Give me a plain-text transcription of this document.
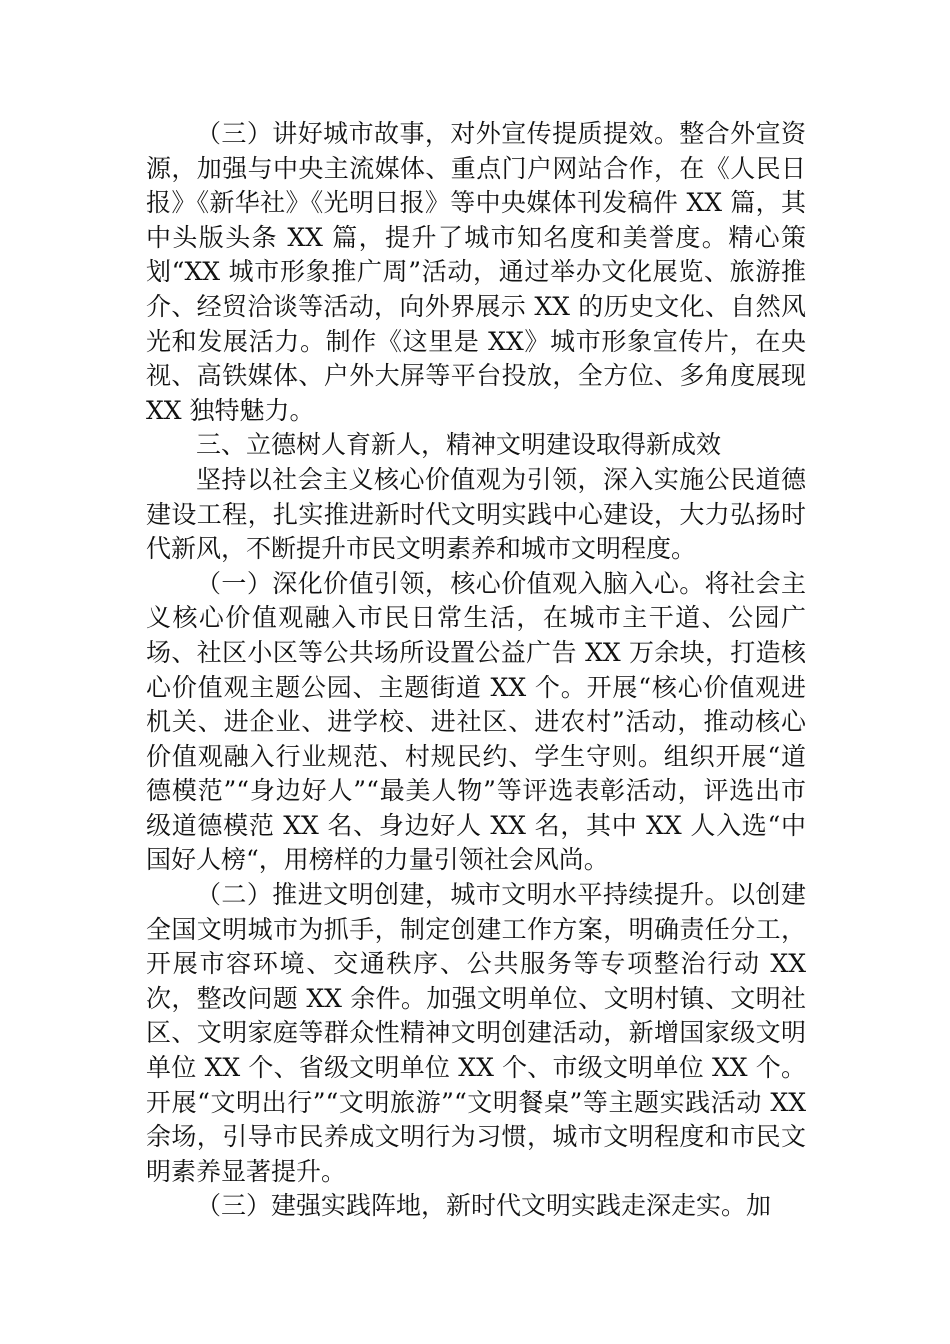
（三）讲好城市故事，对外宣传提质提效。整合外宣资源，加强与中央主流媒体、重点门户网站合作，在《人民日报》《新华社》《光明日报》等中央媒体刊发稿件 XX 篇，其中头版头条 XX 篇，提升了城市知名度和美誉度。精心策划“XX 城市形象推广周”活动，通过举办文化展览、旅游推介、经贸洽谈等活动，向外界展示 XX 的历史文化、自然风光和发展活力。制作《这里是 XX》城市形象宣传片，在央视、高铁媒体、户外大屏等平台投放，全方位、多角度展现 XX 独特魅力。

三、立德树人育新人，精神文明建设取得新成效

坚持以社会主义核心价值观为引领，深入实施公民道德建设工程，扎实推进新时代文明实践中心建设，大力弘扬时代新风，不断提升市民文明素养和城市文明程度。

（一）深化价值引领，核心价值观入脑入心。将社会主义核心价值观融入市民日常生活，在城市主干道、公园广场、社区小区等公共场所设置公益广告 XX 万余块，打造核心价值观主题公园、主题街道 XX 个。开展“核心价值观进机关、进企业、进学校、进社区、进农村”活动，推动核心价值观融入行业规范、村规民约、学生守则。组织开展“道德模范”“身边好人”“最美人物”等评选表彰活动，评选出市级道德模范 XX 名、身边好人 XX 名，其中 XX 人入选“中国好人榜“，用榜样的力量引领社会风尚。

（二）推进文明创建，城市文明水平持续提升。以创建全国文明城市为抓手，制定创建工作方案，明确责任分工，开展市容环境、交通秩序、公共服务等专项整治行动 XX 次，整改问题 XX 余件。加强文明单位、文明村镇、文明社区、文明家庭等群众性精神文明创建活动，新增国家级文明单位 XX 个、省级文明单位 XX 个、市级文明单位 XX 个。开展“文明出行”“文明旅游”“文明餐桌”等主题实践活动 XX 余场，引导市民养成文明行为习惯，城市文明程度和市民文明素养显著提升。

（三）建强实践阵地，新时代文明实践走深走实。加
